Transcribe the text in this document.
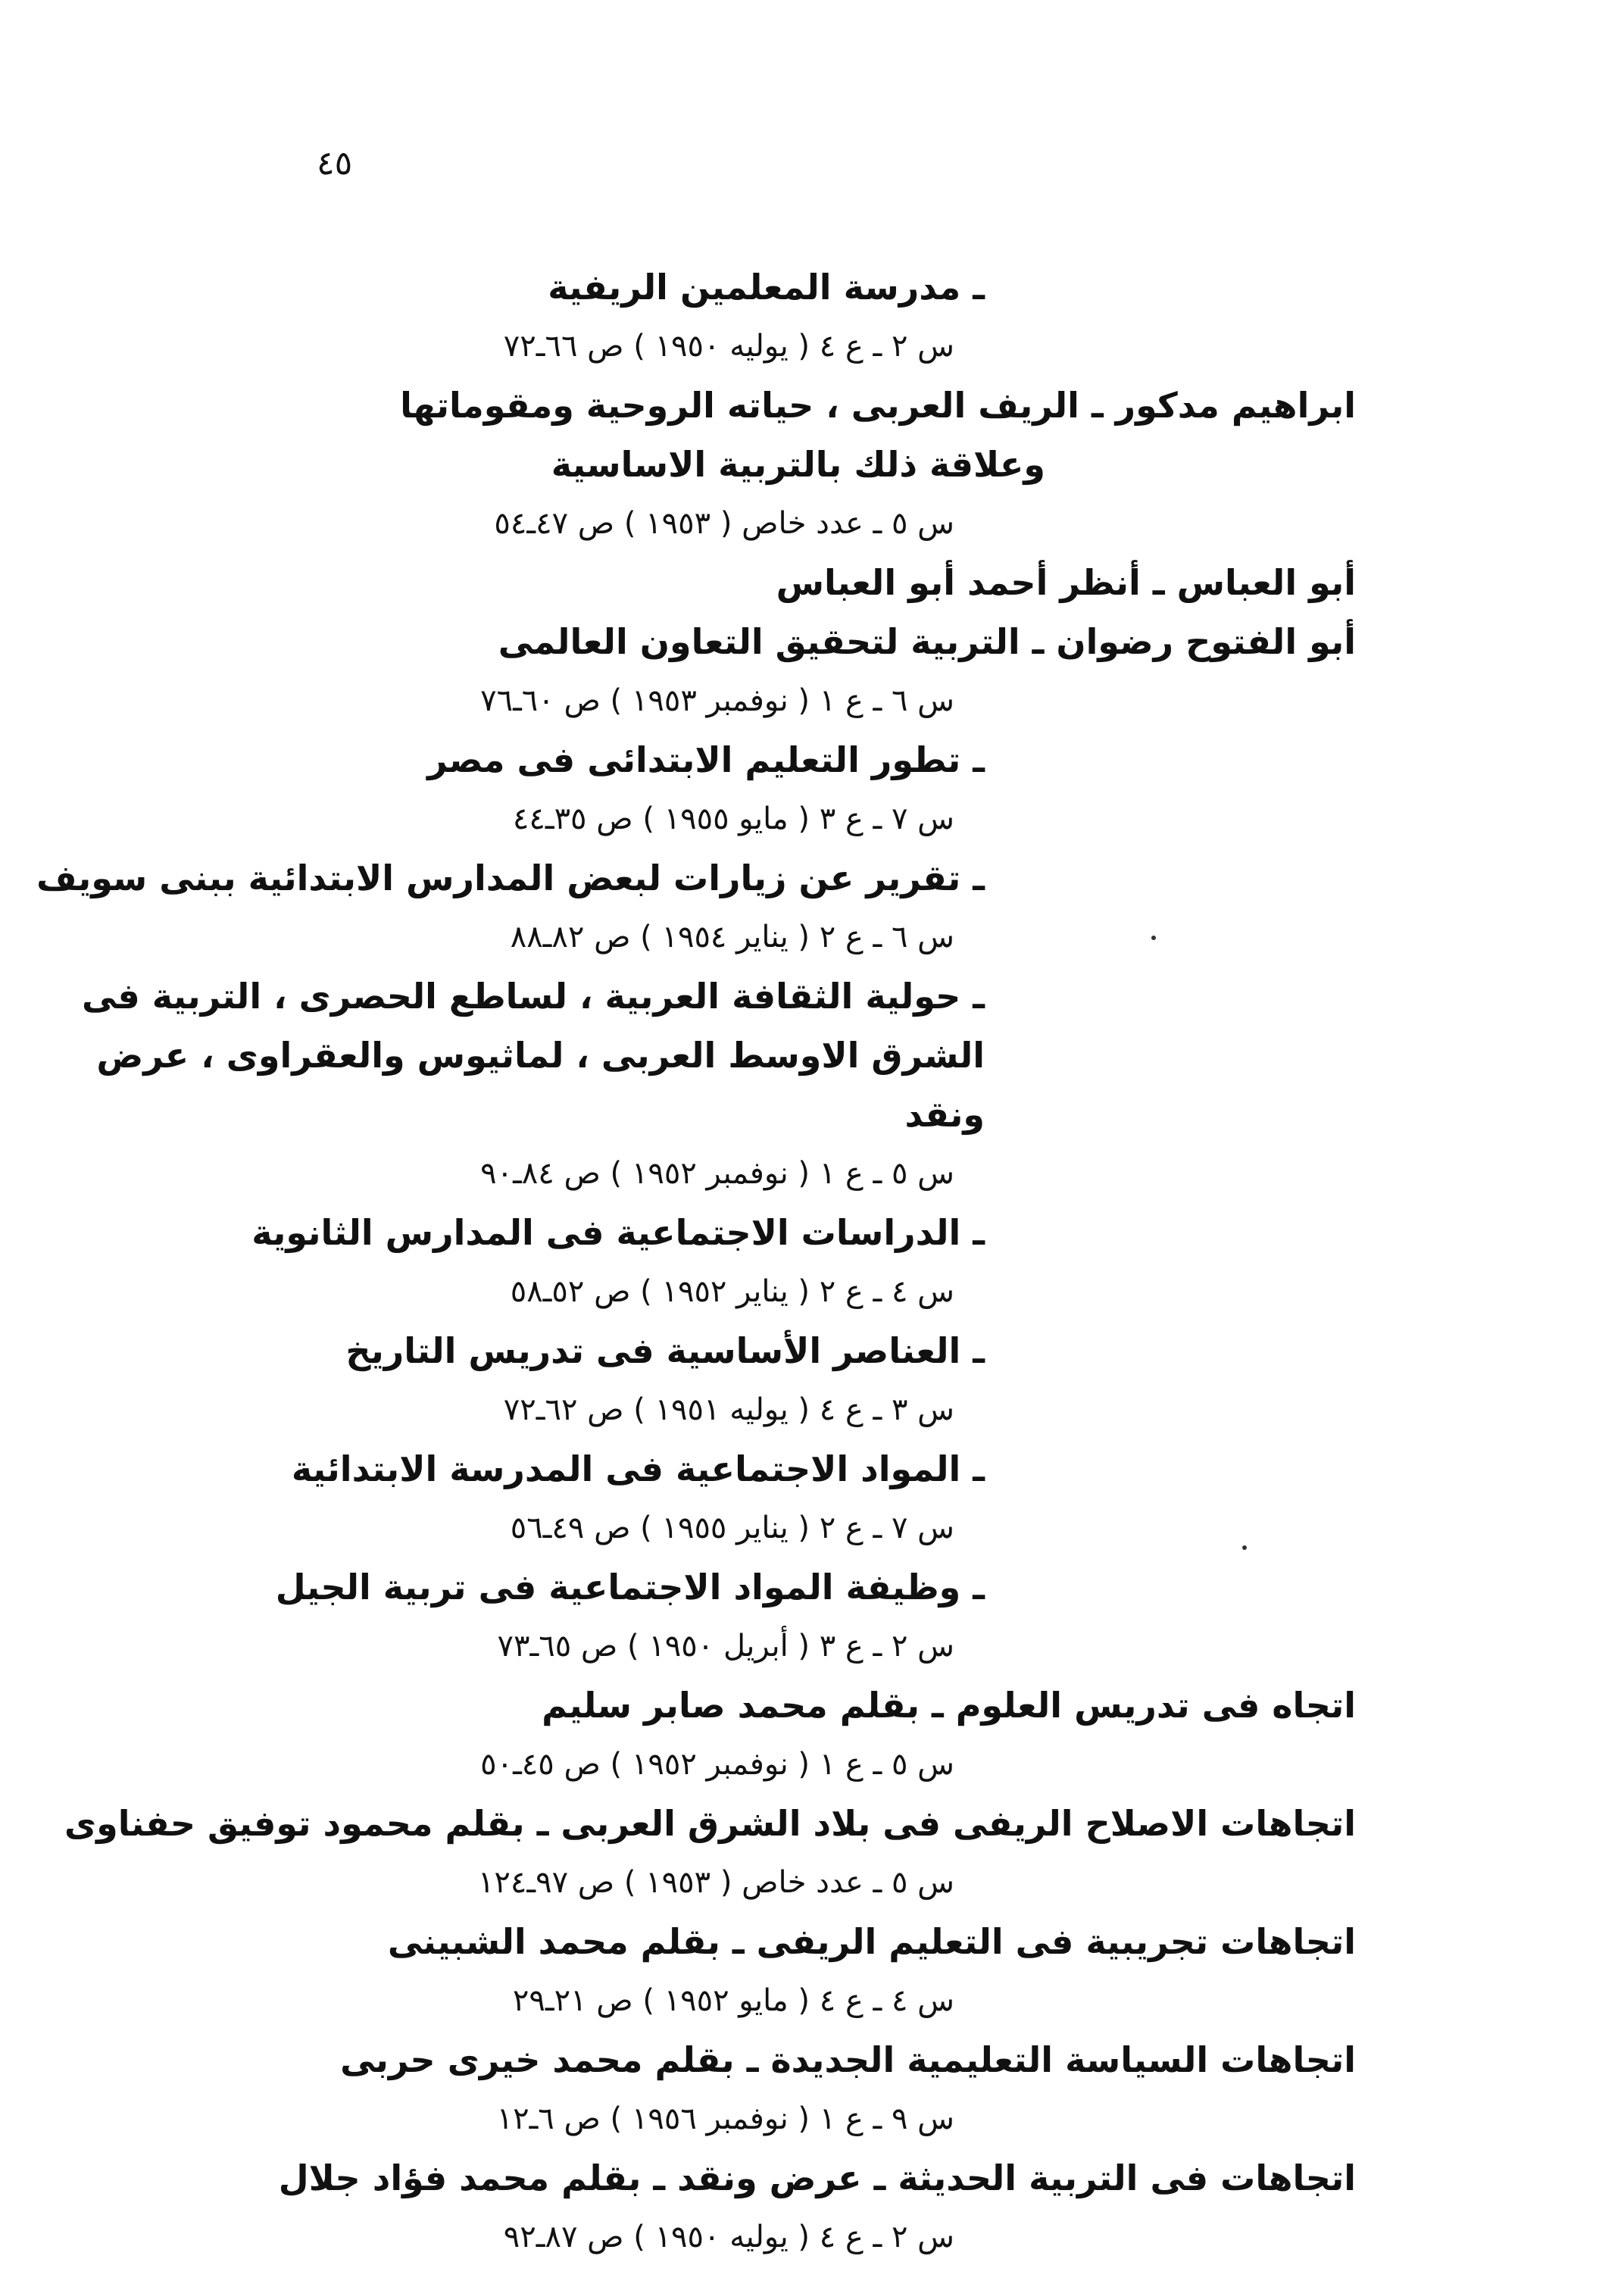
٤٥
ـ مدرسة المعلمين الريفية
س ٢ ـ ع ٤ ( يوليه ١٩٥٠ ) ص ٦٦ـ٧٢
ابراهيم مدكور ـ الريف العربى ، حياته الروحية ومقوماتها
وعلاقة ذلك بالتربية الاساسية
س ٥ ـ عدد خاص ( ١٩٥٣ ) ص ٤٧ـ٥٤
أبو العباس ـ أنظر أحمد أبو العباس
أبو الفتوح رضوان ـ التربية لتحقيق التعاون العالمى
س ٦ ـ ع ١ ( نوفمبر ١٩٥٣ ) ص ٦٠ـ٧٦
ـ تطور التعليم الابتدائى فى مصر
س ٧ ـ ع ٣ ( مايو ١٩٥٥ ) ص ٣٥ـ٤٤
ـ تقرير عن زيارات لبعض المدارس الابتدائية ببنى سويف
س ٦ ـ ع ٢ ( يناير ١٩٥٤ ) ص ٨٢ـ٨٨
ـ حولية الثقافة العربية ، لساطع الحصرى ، التربية فى
الشرق الاوسط العربى ، لماثيوس والعقراوى ، عرض
ونقد
س ٥ ـ ع ١ ( نوفمبر ١٩٥٢ ) ص ٨٤ـ٩٠
ـ الدراسات الاجتماعية فى المدارس الثانوية
س ٤ ـ ع ٢ ( يناير ١٩٥٢ ) ص ٥٢ـ٥٨
ـ العناصر الأساسية فى تدريس التاريخ
س ٣ ـ ع ٤ ( يوليه ١٩٥١ ) ص ٦٢ـ٧٢
ـ المواد الاجتماعية فى المدرسة الابتدائية
س ٧ ـ ع ٢ ( يناير ١٩٥٥ ) ص ٤٩ـ٥٦
ـ وظيفة المواد الاجتماعية فى تربية الجيل
س ٢ ـ ع ٣ ( أبريل ١٩٥٠ ) ص ٦٥ـ٧٣
اتجاه فى تدريس العلوم ـ بقلم محمد صابر سليم
س ٥ ـ ع ١ ( نوفمبر ١٩٥٢ ) ص ٤٥ـ٥٠
اتجاهات الاصلاح الريفى فى بلاد الشرق العربى ـ بقلم محمود توفيق حفناوى
س ٥ ـ عدد خاص ( ١٩٥٣ ) ص ٩٧ـ١٢٤
اتجاهات تجريبية فى التعليم الريفى ـ بقلم محمد الشبينى
س ٤ ـ ع ٤ ( مايو ١٩٥٢ ) ص ٢١ـ٢٩
اتجاهات السياسة التعليمية الجديدة ـ بقلم محمد خيرى حربى
س ٩ ـ ع ١ ( نوفمبر ١٩٥٦ ) ص ٦ـ١٢
اتجاهات فى التربية الحديثة ـ عرض ونقد ـ بقلم محمد فؤاد جلال
س ٢ ـ ع ٤ ( يوليه ١٩٥٠ ) ص ٨٧ـ٩٢
